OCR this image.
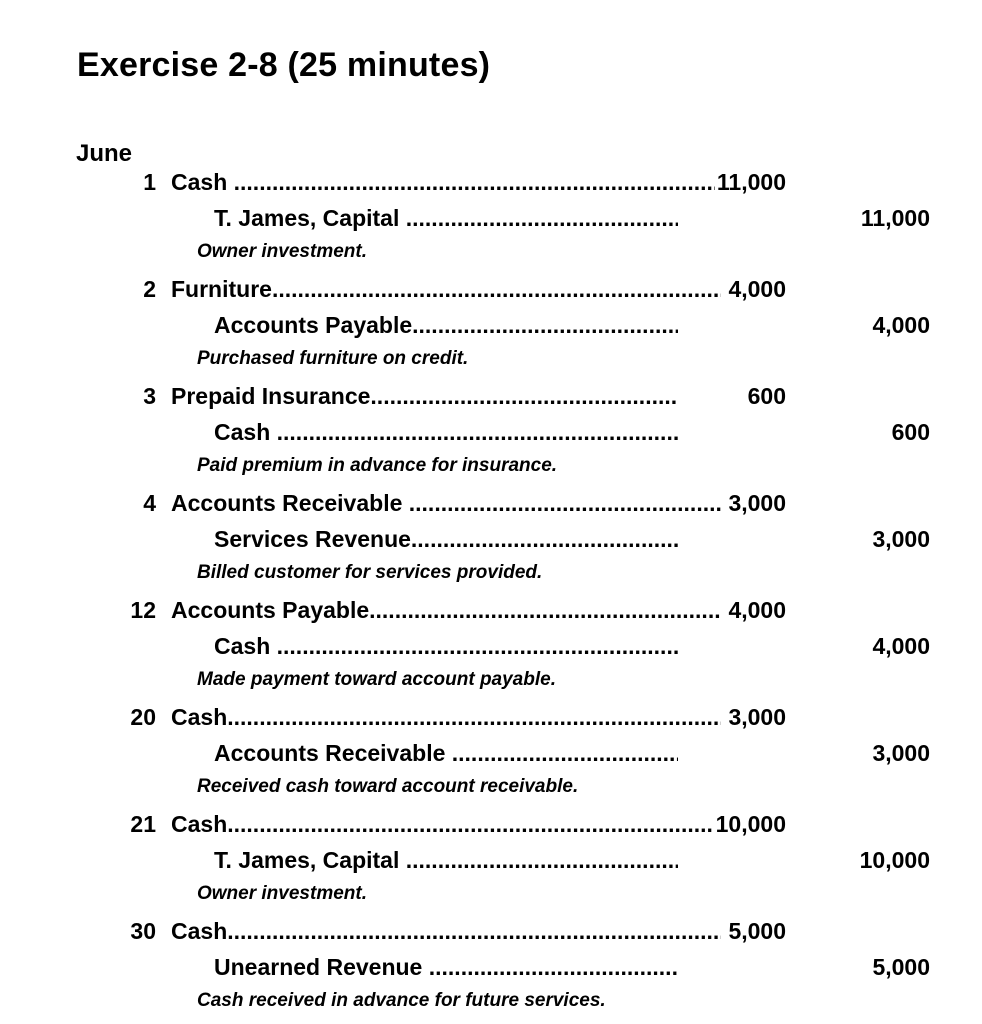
Exercise 2-8 (25 minutes)
June
1 Cash .....	11,000
T. James, Capital .....	11,000
Owner investment.
2 Furniture .....	4,000
Accounts Payable .....	4,000
Purchased furniture on credit.
3 Prepaid Insurance .....	600
Cash .....	600
Paid premium in advance for insurance.
4 Accounts Receivable .....	3,000
Services Revenue .....	3,000
Billed customer for services provided.
12 Accounts Payable .....	4,000
Cash .....	4,000
Made payment toward account payable.
20 Cash .....	3,000
Accounts Receivable .....	3,000
Received cash toward account receivable.
21 Cash .....	10,000
T. James, Capital .....	10,000
Owner investment.
30 Cash .....	5,000
Unearned Revenue .....	5,000
Cash received in advance for future services.
